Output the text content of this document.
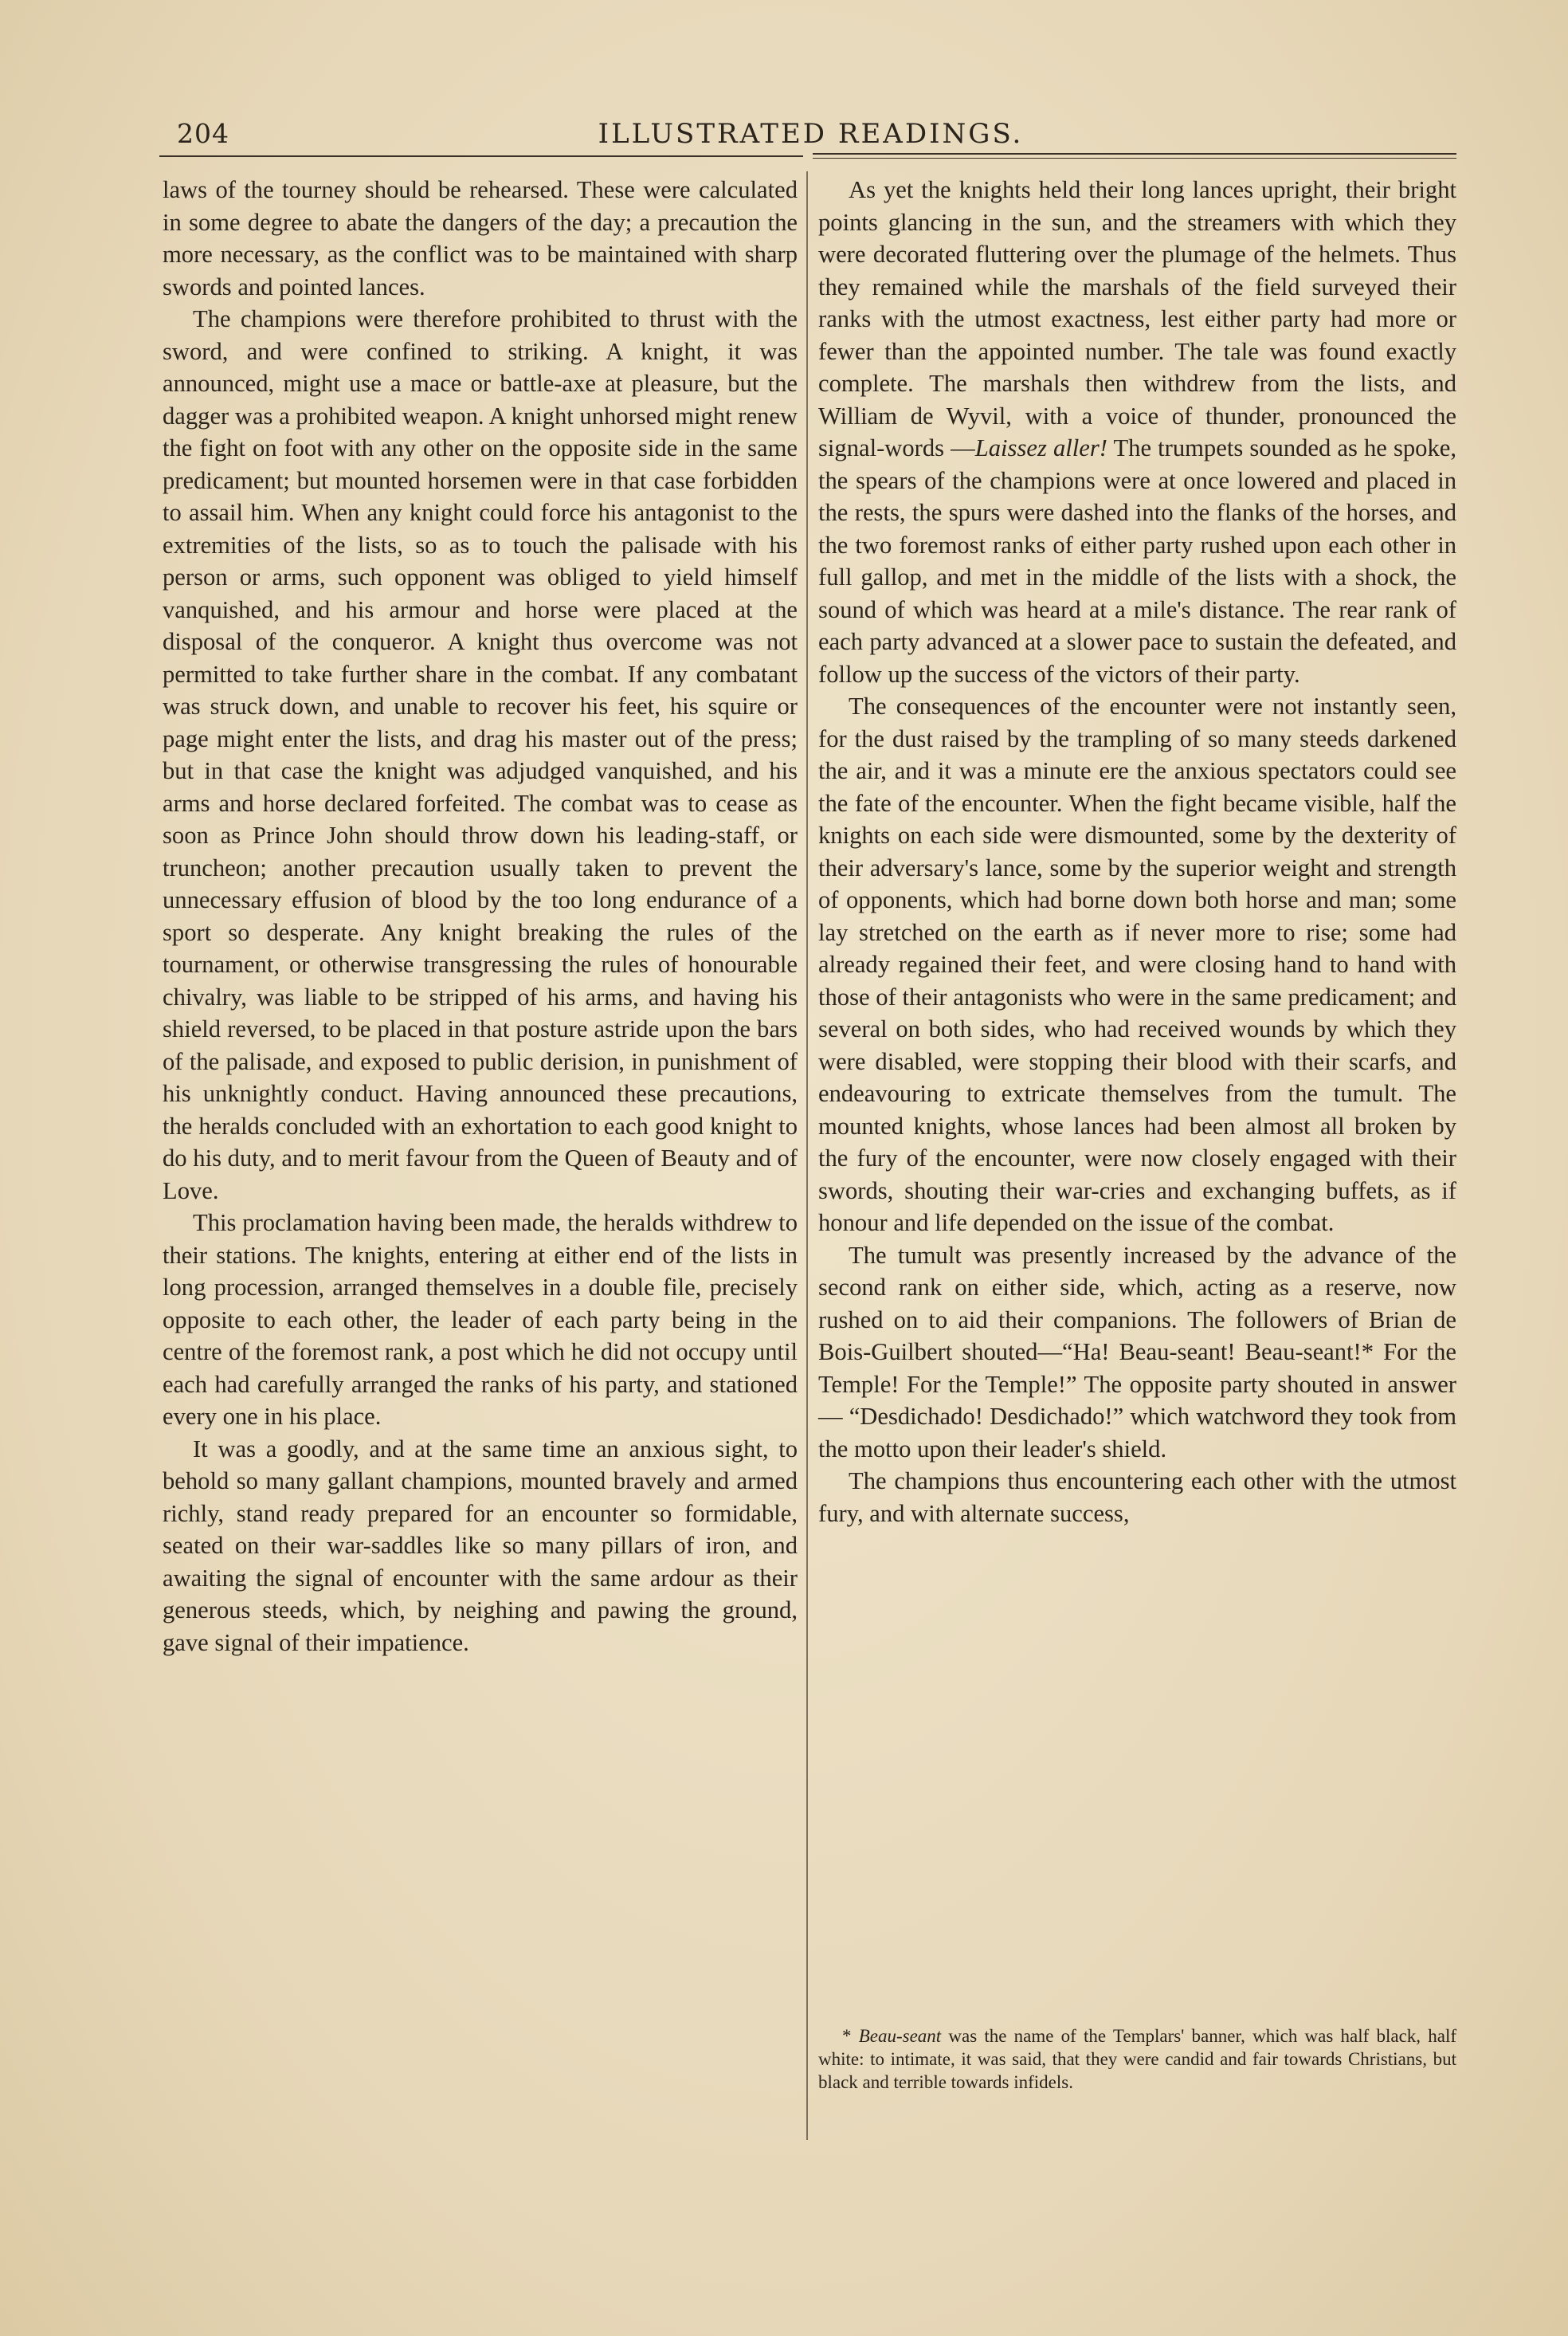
204	ILLUSTRATED READINGS.

laws of the tourney should be rehearsed. These were calculated in some degree to abate the dangers of the day; a precaution the more necessary, as the conflict was to be maintained with sharp swords and pointed lances.

The champions were therefore prohibited to thrust with the sword, and were confined to striking. A knight, it was announced, might use a mace or battle-axe at pleasure, but the dagger was a prohibited weapon. A knight unhorsed might renew the fight on foot with any other on the opposite side in the same predicament; but mounted horsemen were in that case forbidden to assail him. When any knight could force his antagonist to the extremities of the lists, so as to touch the palisade with his person or arms, such opponent was obliged to yield himself vanquished, and his armour and horse were placed at the disposal of the conqueror. A knight thus overcome was not permitted to take further share in the combat. If any combatant was struck down, and unable to recover his feet, his squire or page might enter the lists, and drag his master out of the press; but in that case the knight was adjudged vanquished, and his arms and horse declared forfeited. The combat was to cease as soon as Prince John should throw down his leading-staff, or truncheon; another precaution usually taken to prevent the unnecessary effusion of blood by the too long endurance of a sport so desperate. Any knight breaking the rules of the tournament, or otherwise transgressing the rules of honourable chivalry, was liable to be stripped of his arms, and having his shield reversed, to be placed in that posture astride upon the bars of the palisade, and exposed to public derision, in punishment of his unknightly conduct. Having announced these precautions, the heralds concluded with an exhortation to each good knight to do his duty, and to merit favour from the Queen of Beauty and of Love.

This proclamation having been made, the heralds withdrew to their stations. The knights, entering at either end of the lists in long procession, arranged themselves in a double file, precisely opposite to each other, the leader of each party being in the centre of the foremost rank, a post which he did not occupy until each had carefully arranged the ranks of his party, and stationed every one in his place.

It was a goodly, and at the same time an anxious sight, to behold so many gallant champions, mounted bravely and armed richly, stand ready prepared for an encounter so formidable, seated on their war-saddles like so many pillars of iron, and awaiting the signal of encounter with the same ardour as their generous steeds, which, by neighing and pawing the ground, gave signal of their impatience.

As yet the knights held their long lances upright, their bright points glancing in the sun, and the streamers with which they were decorated fluttering over the plumage of the helmets. Thus they remained while the marshals of the field surveyed their ranks with the utmost exactness, lest either party had more or fewer than the appointed number. The tale was found exactly complete. The marshals then withdrew from the lists, and William de Wyvil, with a voice of thunder, pronounced the signal-words —Laissez aller! The trumpets sounded as he spoke, the spears of the champions were at once lowered and placed in the rests, the spurs were dashed into the flanks of the horses, and the two foremost ranks of either party rushed upon each other in full gallop, and met in the middle of the lists with a shock, the sound of which was heard at a mile's distance. The rear rank of each party advanced at a slower pace to sustain the defeated, and follow up the success of the victors of their party.

The consequences of the encounter were not instantly seen, for the dust raised by the trampling of so many steeds darkened the air, and it was a minute ere the anxious spectators could see the fate of the encounter. When the fight became visible, half the knights on each side were dismounted, some by the dexterity of their adversary's lance, some by the superior weight and strength of opponents, which had borne down both horse and man; some lay stretched on the earth as if never more to rise; some had already regained their feet, and were closing hand to hand with those of their antagonists who were in the same predicament; and several on both sides, who had received wounds by which they were disabled, were stopping their blood with their scarfs, and endeavouring to extricate themselves from the tumult. The mounted knights, whose lances had been almost all broken by the fury of the encounter, were now closely engaged with their swords, shouting their war-cries and exchanging buffets, as if honour and life depended on the issue of the combat.

The tumult was presently increased by the advance of the second rank on either side, which, acting as a reserve, now rushed on to aid their companions. The followers of Brian de Bois-Guilbert shouted—“Ha! Beau-seant! Beau-seant!* For the Temple! For the Temple!” The opposite party shouted in answer — “Desdichado! Desdichado!” which watchword they took from the motto upon their leader's shield.

The champions thus encountering each other with the utmost fury, and with alternate success,

* Beau-seant was the name of the Templars' banner, which was half black, half white: to intimate, it was said, that they were candid and fair towards Christians, but black and terrible towards infidels.
